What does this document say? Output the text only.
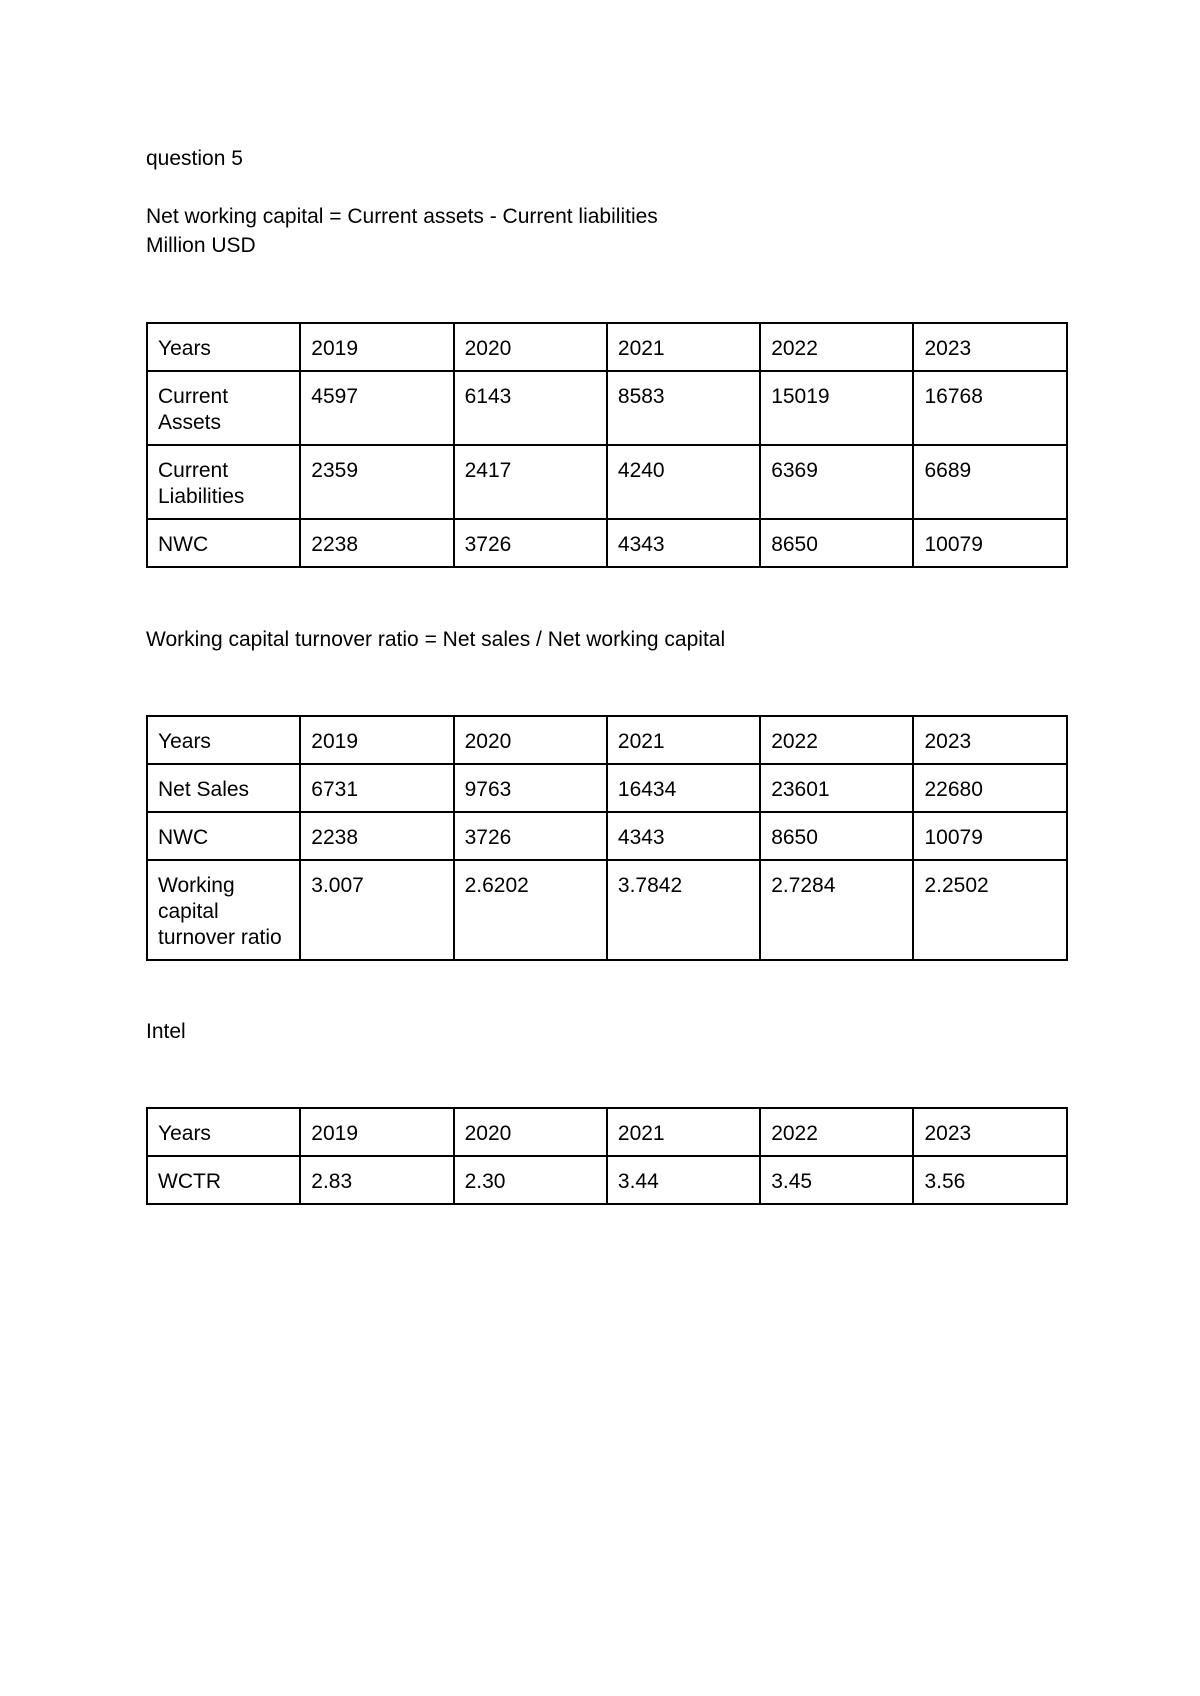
question 5
Net working capital = Current assets - Current liabilities
Million USD
Years	2019	2020	2021	2022	2023
Current Assets	4597	6143	8583	15019	16768
Current Liabilities	2359	2417	4240	6369	6689
NWC	2238	3726	4343	8650	10079
Working capital turnover ratio = Net sales / Net working capital
Years	2019	2020	2021	2022	2023
Net Sales	6731	9763	16434	23601	22680
NWC	2238	3726	4343	8650	10079
Working capital turnover ratio	3.007	2.6202	3.7842	2.7284	2.2502
Intel
Years	2019	2020	2021	2022	2023
WCTR	2.83	2.30	3.44	3.45	3.56
